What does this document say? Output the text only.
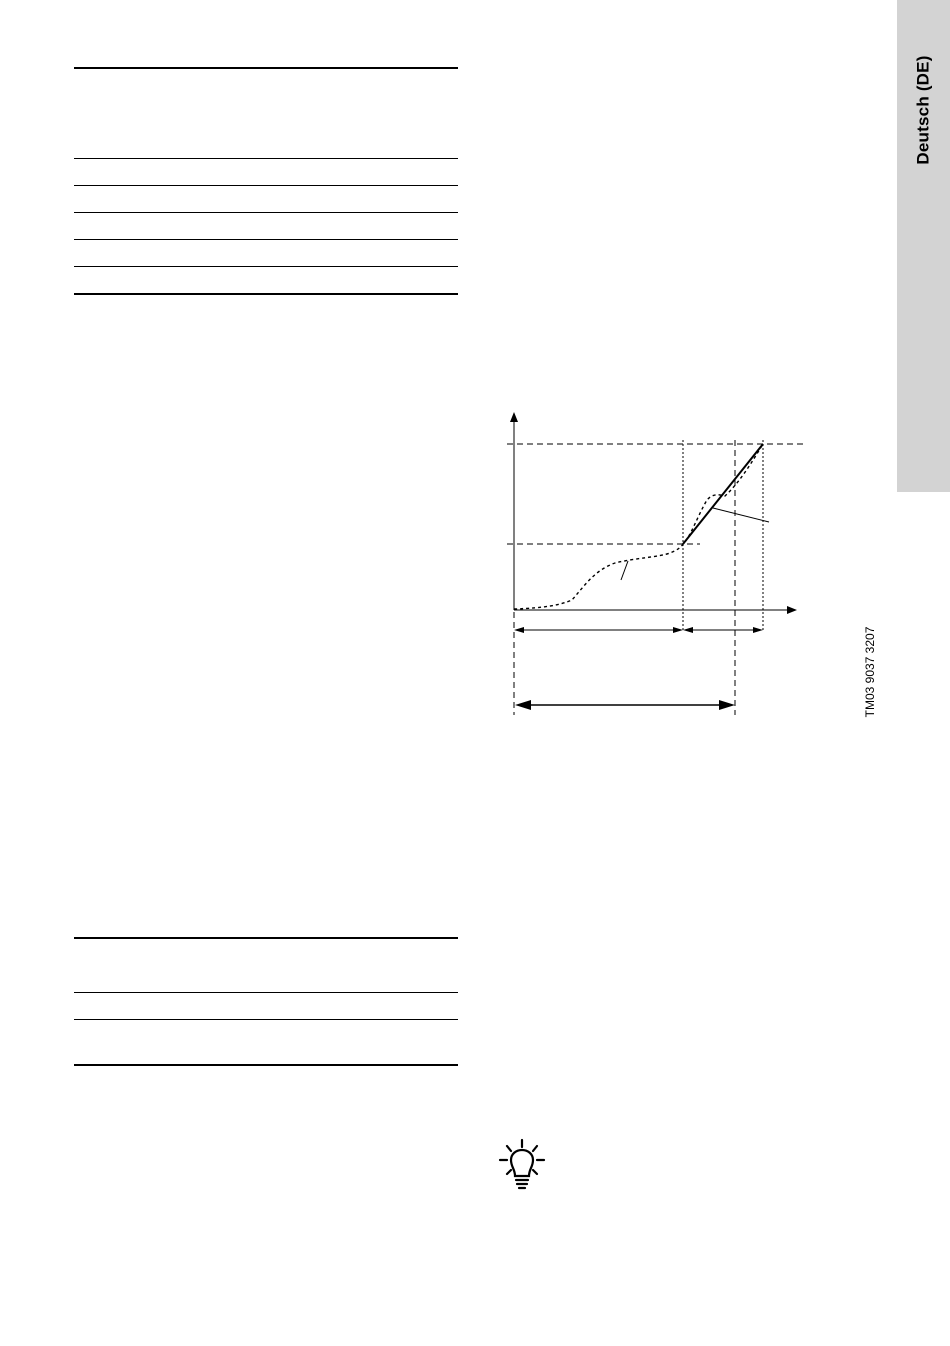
Deutsch (DE)
TM03 9037 3207
